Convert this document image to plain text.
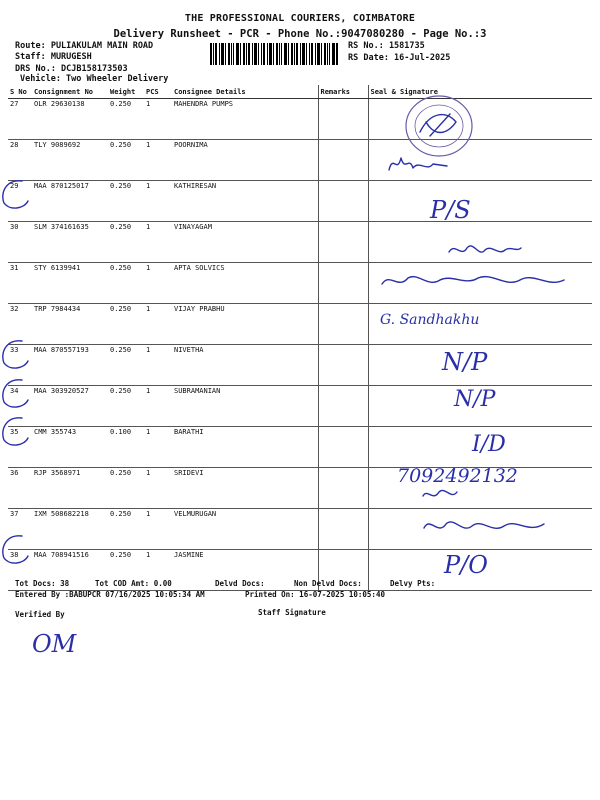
THE PROFESSIONAL COURIERS, COIMBATORE
Delivery Runsheet - PCR - Phone No.:9047080280 - Page No.:3
Route: PULIAKULAM MAIN ROAD
Staff: MURUGESH
DRS No.: DCJB158173503
Vehicle: Two Wheeler Delivery
RS No.: 1581735
RS Date: 16-Jul-2025
S No	Consignment No	Weight	PCS	Consignee Details	Remarks	Seal & Signature
27	OLR 29630138	0.250	1	MAHENDRA PUMPS		
28	TLY 9089692	0.250	1	POORNIMA		
29	MAA 870125017	0.250	1	KATHIRESAN		
30	SLM 374161635	0.250	1	VINAYAGAM		
31	STY 6139941	0.250	1	APTA SOLVICS		
32	TRP 7984434	0.250	1	VIJAY PRABHU		
33	MAA 870557193	0.250	1	NIVETHA		
34	MAA 303920527	0.250	1	SUBRAMANIAN		
35	CMM 355743	0.100	1	BARATHI		
36	RJP 3568971	0.250	1	SRIDEVI		
37	IXM 508682218	0.250	1	VELMURUGAN		
38	MAA 708941516	0.250	1	JASMINE		
P/S
G. Sandhakhu
N/P
N/P
I/D
7092492132
P/O
Tot Docs: 38	Tot COD Amt: 0.00	Delvd Docs:	Non Delvd Docs:	Delvy Pts:
Entered By :BABUPCR 07/16/2025 10:05:34 AM	Printed On: 16-07-2025 10:05:40
Verified By	Staff Signature
OM
